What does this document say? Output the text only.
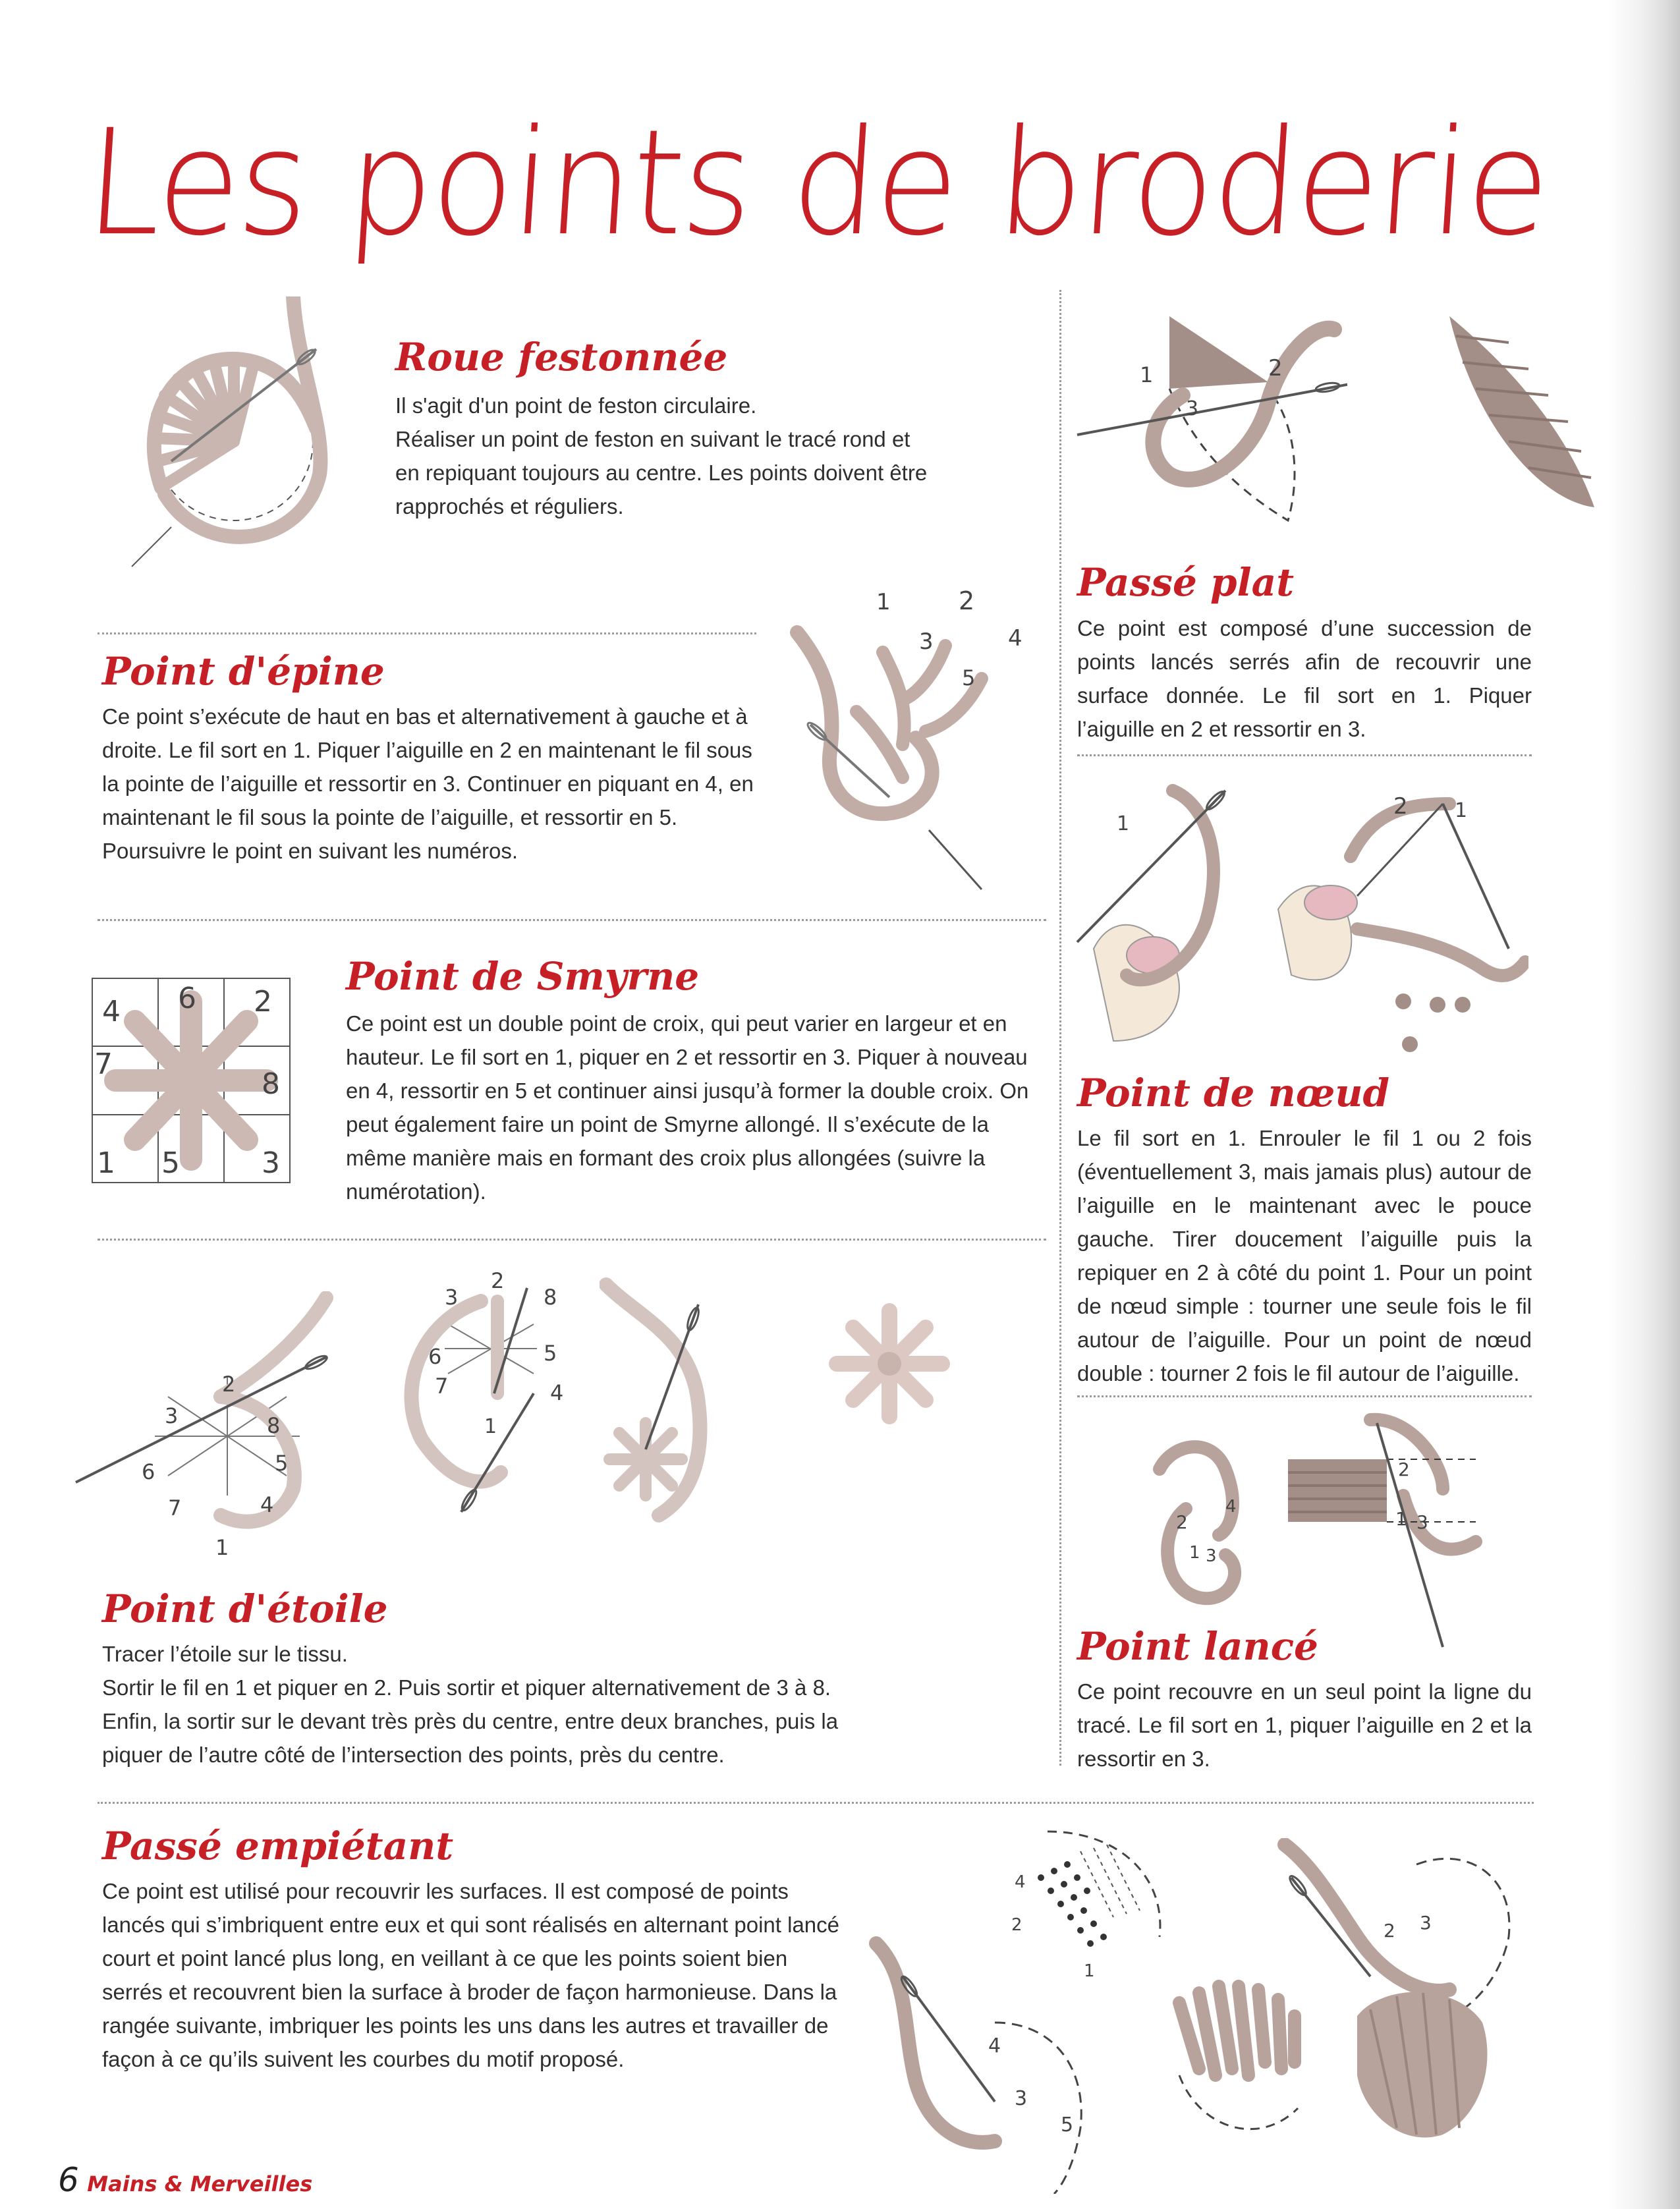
Les points de broderie
Roue festonnée
Il s'agit d'un point de feston circulaire.
Réaliser un point de feston en suivant le tracé rond et
en repiquant toujours au centre. Les points doivent être
rapprochés et réguliers.
Point d'épine
Ce point s’exécute de haut en bas et alternativement à gauche et à droite. Le fil sort en 1. Piquer l’aiguille en 2 en maintenant le fil sous la pointe de l’aiguille et ressortir en 3. Continuer en piquant en 4, en maintenant le fil sous la pointe de l’aiguille, et ressortir en 5. Poursuivre le point en suivant les numéros.
1	2
3	4
5
4 6 2
7
8
1 5	3
Point de Smyrne
Ce point est un double point de croix, qui peut varier en largeur et en hauteur. Le fil sort en 1, piquer en 2 et ressortir en 3. Piquer à nouveau en 4, ressortir en 5 et continuer ainsi jusqu’à former la double croix. On peut également faire un point de Smyrne allongé. Il s’exécute de la même manière mais en formant des croix plus allongées (suivre la numérotation).
2
3	8
6	5
7	4
1
2
3	8
6	5
7	4
1
Point d'étoile
Tracer l’étoile sur le tissu.
Sortir le fil en 1 et piquer en 2. Puis sortir et piquer alternativement de 3 à 8.
Enfin, la sortir sur le devant très près du centre, entre deux branches, puis la
piquer de l’autre côté de l’intersection des points, près du centre.
Passé empiétant
Ce point est utilisé pour recouvrir les surfaces. Il est composé de points lancés qui s’imbriquent entre eux et qui sont réalisés en alternant point lancé court et point lancé plus long, en veillant à ce que les points soient bien serrés et recouvrent bien la surface à broder de façon harmonieuse. Dans la rangée suivante, imbriquer les points les uns dans les autres et travailler de façon à ce qu’ils suivent les courbes du motif proposé.
4
3
5
4
2
1
2 3
1	2
3
Passé plat
Ce point est composé d’une succession de points lancés serrés afin de recouvrir une surface donnée. Le fil sort en 1. Piquer l’aiguille en 2 et ressortir en 3.
1
2 1
Point de nœud
Le fil sort en 1. Enrouler le fil 1 ou 2 fois (éventuellement 3, mais jamais plus) autour de l’aiguille en le maintenant avec le pouce gauche. Tirer doucement l’aiguille puis la repiquer en 2 à côté du point 1. Pour un point de nœud simple : tourner une seule fois le fil autour de l’aiguille. Pour un point de nœud double : tourner 2 fois le fil autour de l’aiguille.
2
4
1 3
2
1 3
Point lancé
Ce point recouvre en un seul point la ligne du tracé. Le fil sort en 1, piquer l’aiguille en 2 et la ressortir en 3.
6 Mains & Merveilles
